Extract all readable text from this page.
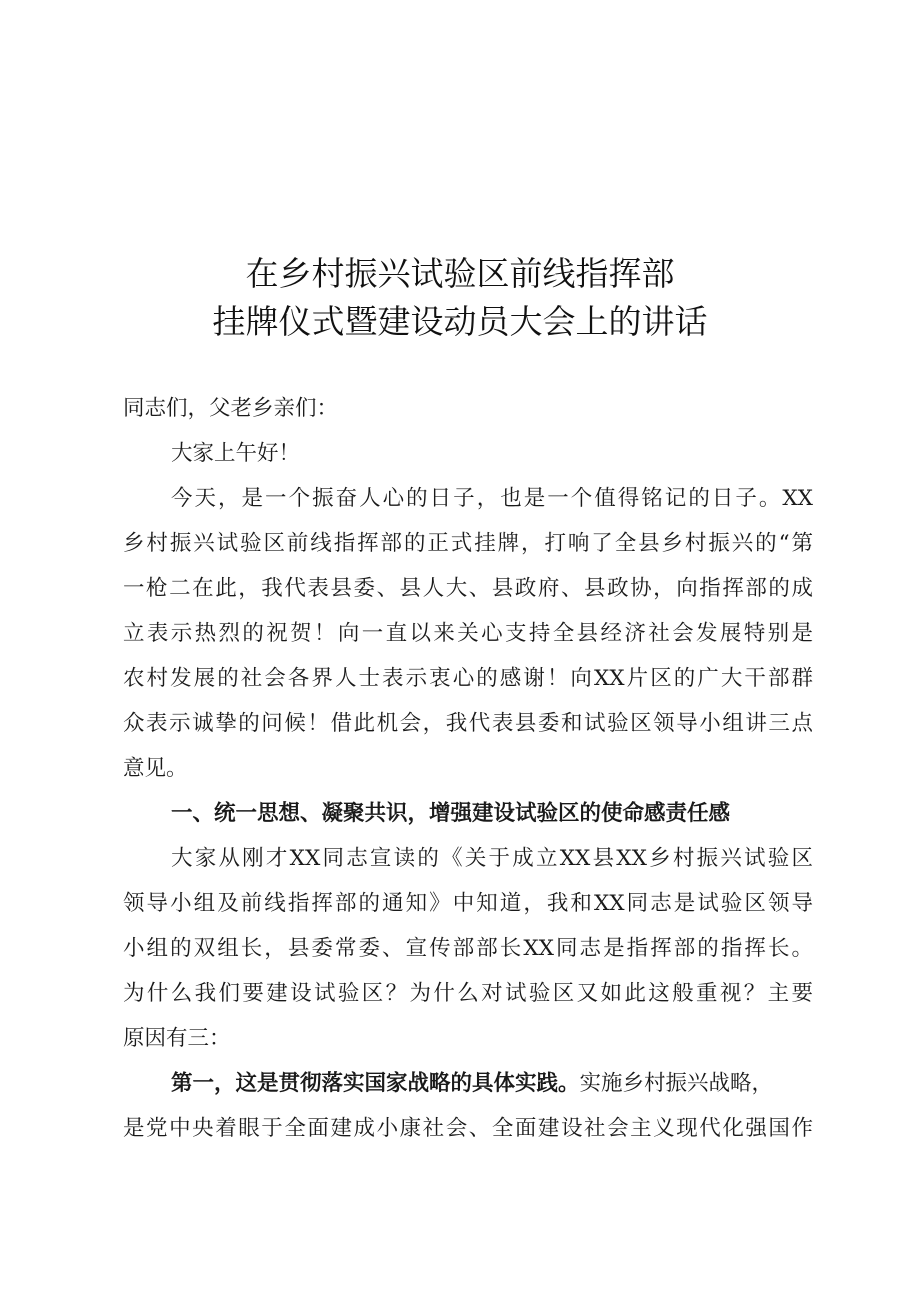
在乡村振兴试验区前线指挥部
挂牌仪式暨建设动员大会上的讲话
同志们，父老乡亲们：
大家上午好！
今天，是一个振奋人心的日子，也是一个值得铭记的日子。XX
乡村振兴试验区前线指挥部的正式挂牌，打响了全县乡村振兴的“第
一枪二在此，我代表县委、县人大、县政府、县政协，向指挥部的成
立表示热烈的祝贺！向一直以来关心支持全县经济社会发展特别是
农村发展的社会各界人士表示衷心的感谢！向XX片区的广大干部群
众表示诚挚的问候！借此机会，我代表县委和试验区领导小组讲三点
意见。
一、统一思想、凝聚共识，增强建设试验区的使命感责任感
大家从刚才XX同志宣读的《关于成立XX县XX乡村振兴试验区
领导小组及前线指挥部的通知》中知道，我和XX同志是试验区领导
小组的双组长，县委常委、宣传部部长XX同志是指挥部的指挥长。
为什么我们要建设试验区？为什么对试验区又如此这般重视？主要
原因有三：
第一，这是贯彻落实国家战略的具体实践。实施乡村振兴战略，
是党中央着眼于全面建成小康社会、全面建设社会主义现代化强国作
